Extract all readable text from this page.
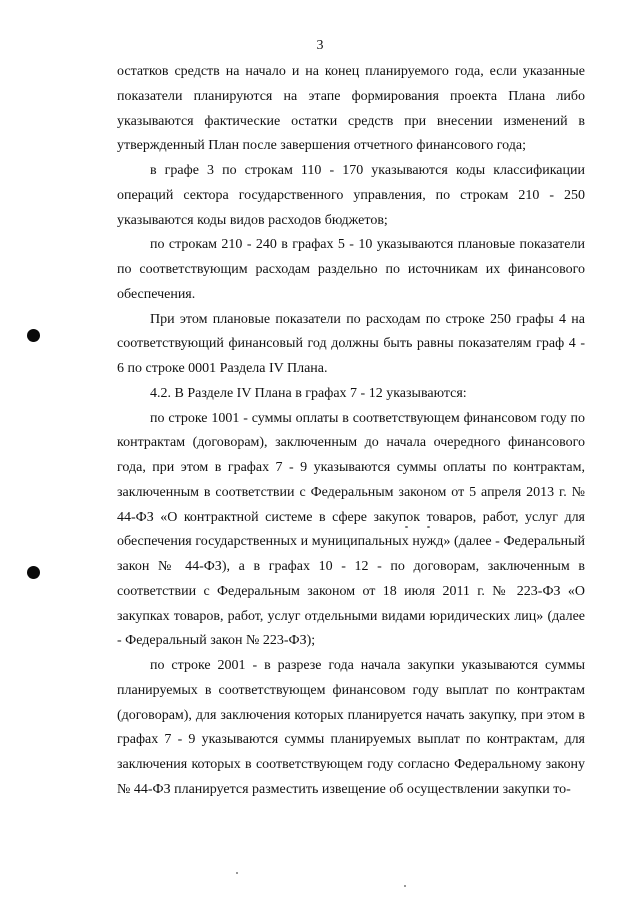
3

остатков средств на начало и на конец планируемого года, если указанные показатели планируются на этапе формирования проекта Плана либо указываются фактические остатки средств при внесении изменений в утвержденный План после завершения отчетного финансового года;

в графе 3 по строкам 110 - 170 указываются коды классификации операций сектора государственного управления, по строкам 210 - 250 указываются коды видов расходов бюджетов;

по строкам 210 - 240 в графах 5 - 10 указываются плановые показатели по соответствующим расходам раздельно по источникам их финансового обеспечения.

При этом плановые показатели по расходам по строке 250 графы 4 на соответствующий финансовый год должны быть равны показателям граф 4 - 6 по строке 0001 Раздела IV Плана.

4.2. В Разделе IV Плана в графах 7 - 12 указываются:

по строке 1001 - суммы оплаты в соответствующем финансовом году по контрактам (договорам), заключенным до начала очередного финансового года, при этом в графах 7 - 9 указываются суммы оплаты по контрактам, заключенным в соответствии с Федеральным законом от 5 апреля 2013 г. № 44-ФЗ «О контрактной системе в сфере закупок товаров, работ, услуг для обеспечения государственных и муниципальных нужд» (далее - Федеральный закон № 44-ФЗ), а в графах 10 - 12 - по договорам, заключенным в соответствии с Федеральным законом от 18 июля 2011 г. № 223-ФЗ «О закупках товаров, работ, услуг отдельными видами юридических лиц» (далее - Федеральный закон № 223-ФЗ);

по строке 2001 - в разрезе года начала закупки указываются суммы планируемых в соответствующем финансовом году выплат по контрактам (договорам), для заключения которых планируется начать закупку, при этом в графах 7 - 9 указываются суммы планируемых выплат по контрактам, для заключения которых в соответствующем году согласно Федеральному закону № 44-ФЗ планируется разместить извещение об осуществлении закупки то-
